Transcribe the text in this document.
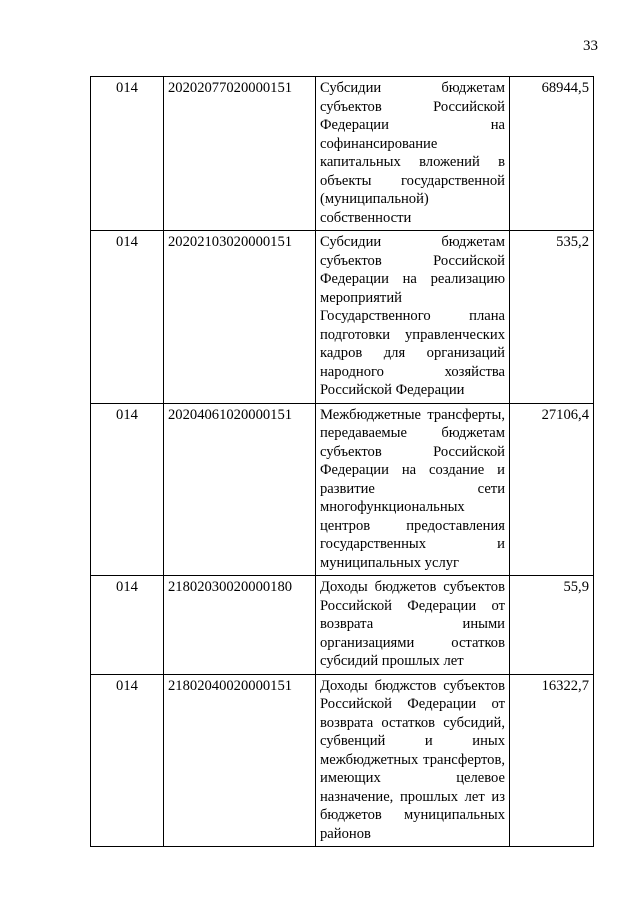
33
014	20202077020000151	Субсидии бюджетам субъектов Российской Федерации на софинансирование капитальных вложений в объекты государственной (муниципальной) собственности	68944,5
014	20202103020000151	Субсидии бюджетам субъектов Российской Федерации на реализацию мероприятий Государственного плана подготовки управленческих кадров для организаций народного хозяйства Российской Федерации	535,2
014	20204061020000151	Межбюджетные трансферты, передаваемые бюджетам субъектов Российской Федерации на создание и развитие сети многофункциональных центров предоставления государственных и муниципальных услуг	27106,4
014	21802030020000180	Доходы бюджетов субъектов Российской Федерации от возврата иными организациями остатков субсидий прошлых лет	55,9
014	21802040020000151	Доходы бюджстов субъектов Российской Федерации от возврата остатков субсидий, субвенций и иных межбюджетных трансфертов, имеющих целевое назначение, прошлых лет из бюджетов муниципальных районов	16322,7
